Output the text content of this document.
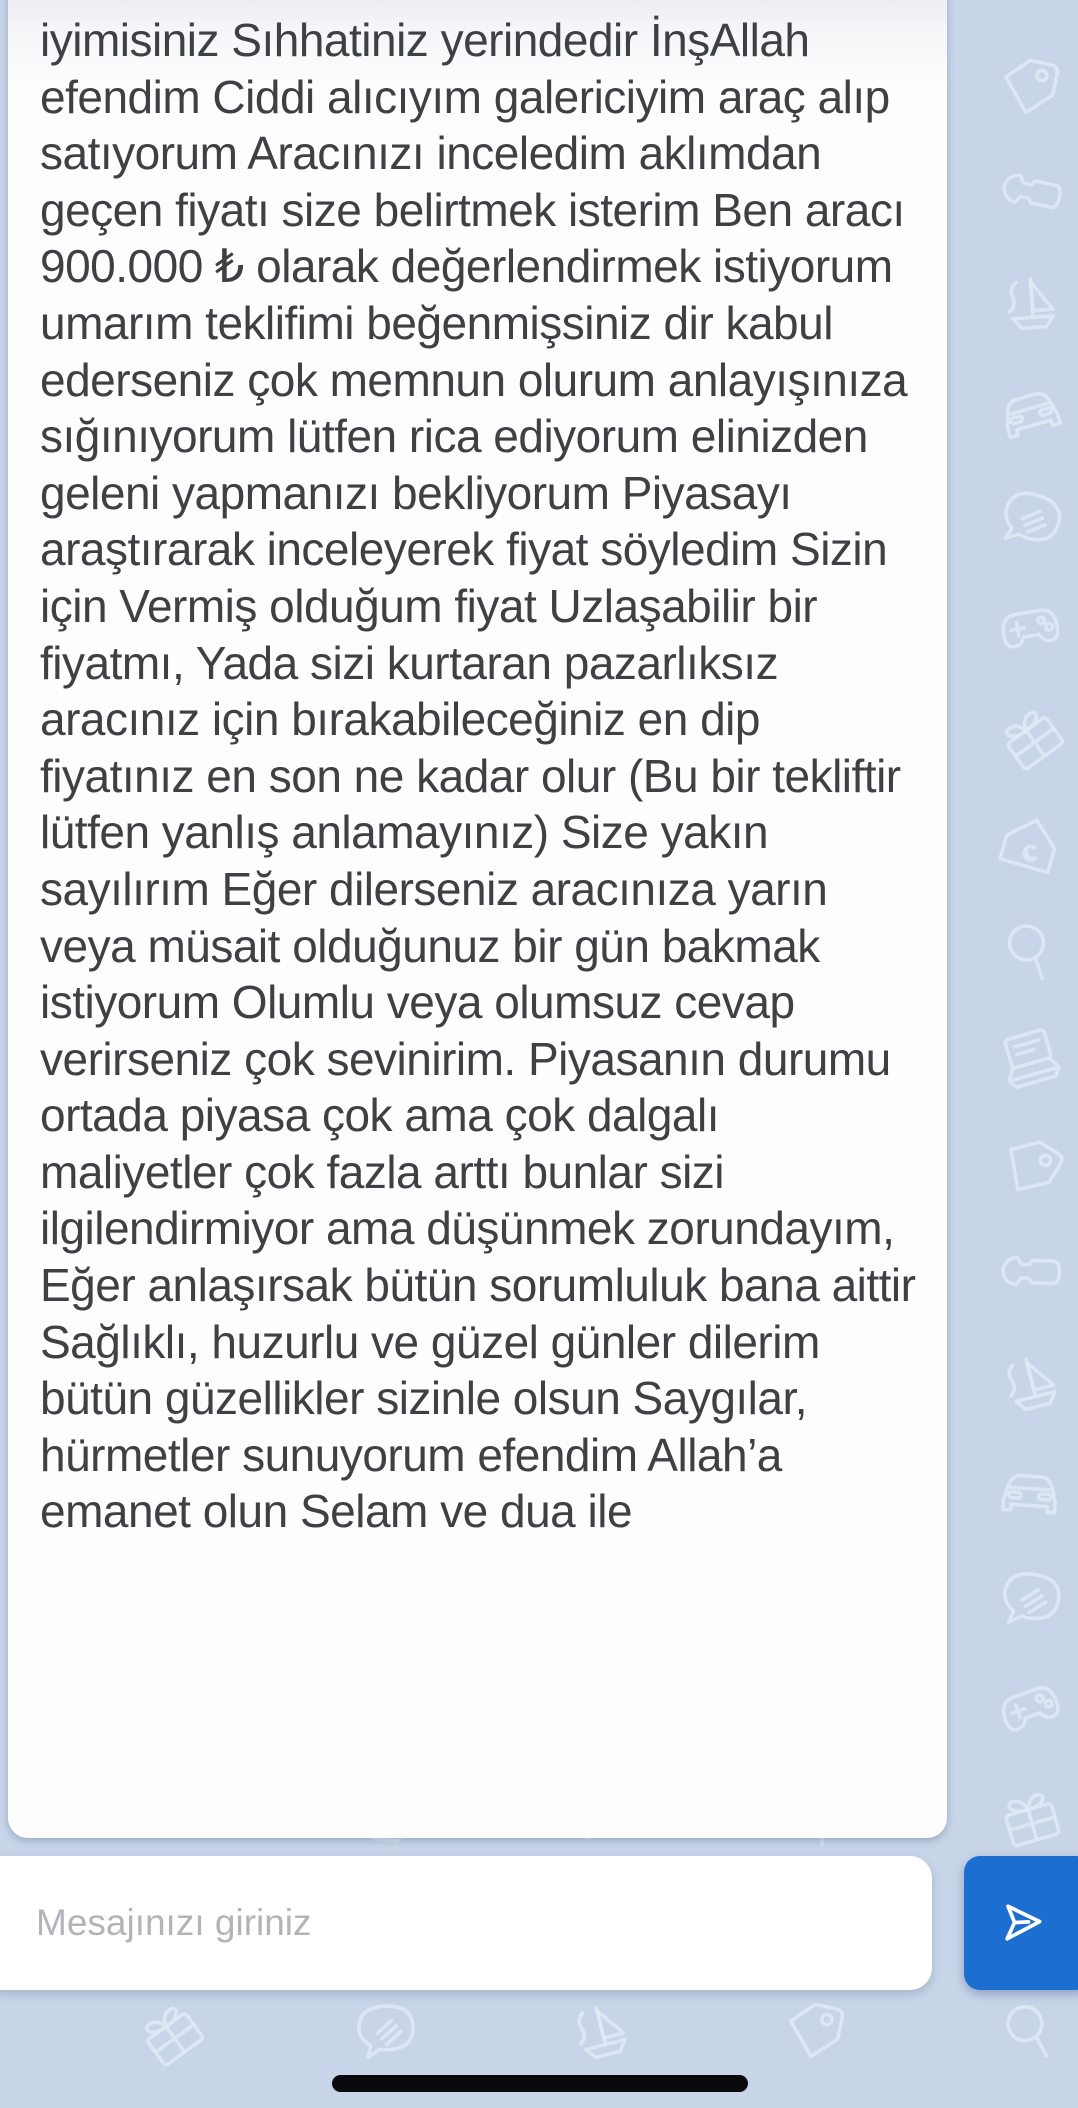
iyimisiniz Sıhhatiniz yerindedir İnşAllah efendim Ciddi alıcıyım galericiyim araç alıp satıyorum Aracınızı inceledim aklımdan geçen fiyatı size belirtmek isterim Ben aracı 900.000 ₺ olarak değerlendirmek istiyorum umarım teklifimi beğenmişsiniz dir kabul ederseniz çok memnun olurum anlayışınıza sığınıyorum lütfen rica ediyorum elinizden geleni yapmanızı bekliyorum Piyasayı araştırarak inceleyerek fiyat söyledim Sizin için Vermiş olduğum fiyat Uzlaşabilir bir fiyatmı, Yada sizi kurtaran pazarlıksız aracınız için bırakabileceğiniz en dip fiyatınız en son ne kadar olur (Bu bir tekliftir lütfen yanlış anlamayınız) Size yakın sayılırım Eğer dilerseniz aracınıza yarın veya müsait olduğunuz bir gün bakmak istiyorum Olumlu veya olumsuz cevap verirseniz çok sevinirim. Piyasanın durumu ortada piyasa çok ama çok dalgalı maliyetler çok fazla arttı bunlar sizi ilgilendirmiyor ama düşünmek zorundayım, Eğer anlaşırsak bütün sorumluluk bana aittir Sağlıklı, huzurlu ve güzel günler dilerim bütün güzellikler sizinle olsun Saygılar, hürmetler sunuyorum efendim Allah’a emanet olun Selam ve dua ile
Mesajınızı giriniz
